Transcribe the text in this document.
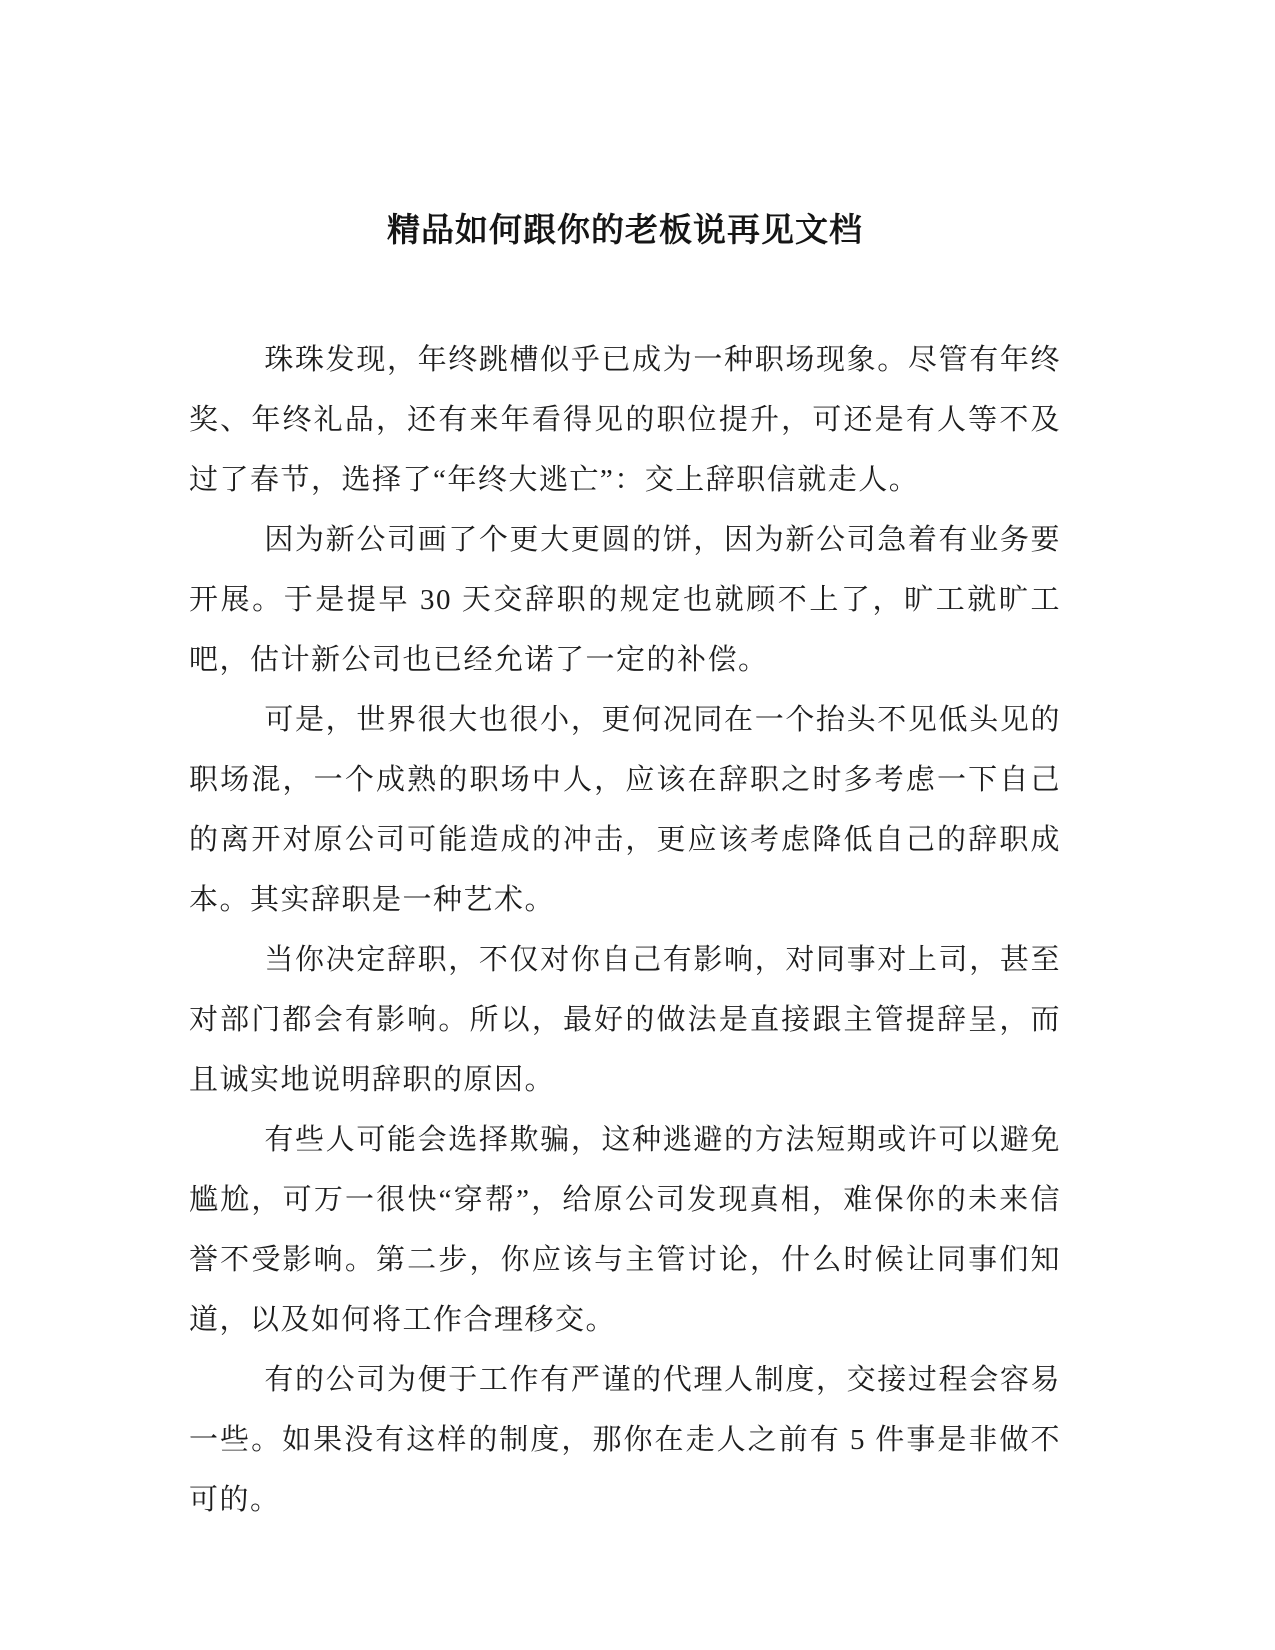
精品如何跟你的老板说再见文档

珠珠发现，年终跳槽似乎已成为一种职场现象。尽管有年终奖、年终礼品，还有来年看得见的职位提升，可还是有人等不及过了春节，选择了“年终大逃亡”：交上辞职信就走人。

因为新公司画了个更大更圆的饼，因为新公司急着有业务要开展。于是提早 30 天交辞职的规定也就顾不上了，旷工就旷工吧，估计新公司也已经允诺了一定的补偿。

可是，世界很大也很小，更何况同在一个抬头不见低头见的职场混，一个成熟的职场中人，应该在辞职之时多考虑一下自己的离开对原公司可能造成的冲击，更应该考虑降低自己的辞职成本。其实辞职是一种艺术。

当你决定辞职，不仅对你自己有影响，对同事对上司，甚至对部门都会有影响。所以，最好的做法是直接跟主管提辞呈，而且诚实地说明辞职的原因。

有些人可能会选择欺骗，这种逃避的方法短期或许可以避免尴尬，可万一很快“穿帮”，给原公司发现真相，难保你的未来信誉不受影响。第二步，你应该与主管讨论，什么时候让同事们知道，以及如何将工作合理移交。

有的公司为便于工作有严谨的代理人制度，交接过程会容易一些。如果没有这样的制度，那你在走人之前有 5 件事是非做不可的。
